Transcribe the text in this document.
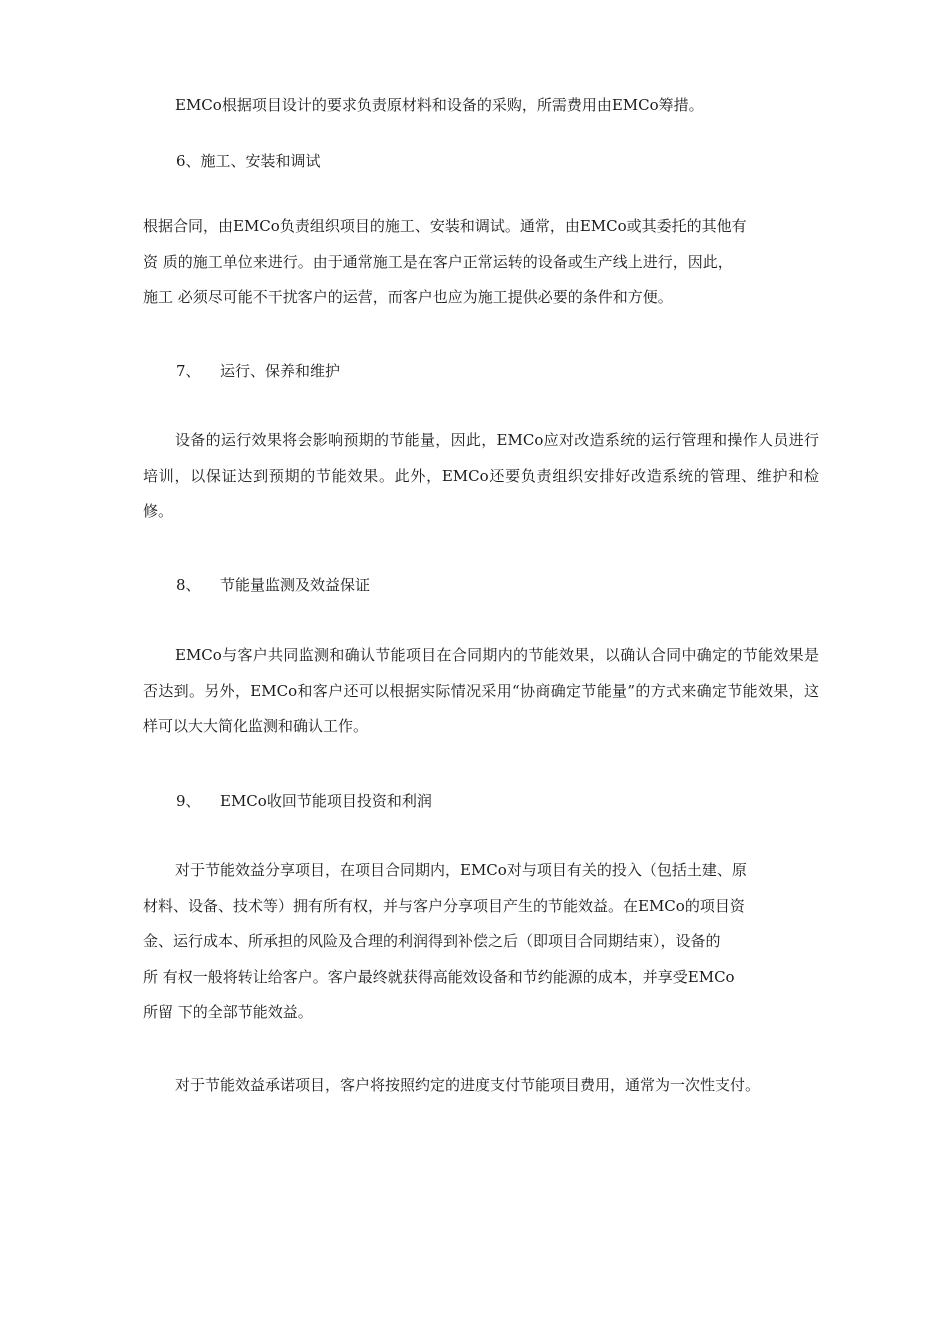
EMCo根据项目设计的要求负责原材料和设备的采购，所需费用由EMCo筹措。

6、施工、安装和调试

根据合同，由EMCo负责组织项目的施工、安装和调试。通常，由EMCo或其委托的其他有
资 质的施工单位来进行。由于通常施工是在客户正常运转的设备或生产线上进行，因此，
施工 必须尽可能不干扰客户的运营，而客户也应为施工提供必要的条件和方便。

7、 运行、保养和维护

设备的运行效果将会影响预期的节能量，因此，EMCo应对改造系统的运行管理和操作人员进行培训，以保证达到预期的节能效果。此外，EMCo还要负责组织安排好改造系统的管理、维护和检修。

8、 节能量监测及效益保证

EMCo与客户共同监测和确认节能项目在合同期内的节能效果，以确认合同中确定的节能效果是否达到。另外，EMCo和客户还可以根据实际情况采用“协商确定节能量”的方式来确定节能效果，这样可以大大简化监测和确认工作。

9、 EMCo收回节能项目投资和利润

对于节能效益分享项目，在项目合同期内，EMCo对与项目有关的投入（包括土建、原
材料、设备、技术等）拥有所有权，并与客户分享项目产生的节能效益。在EMCo的项目资
金、运行成本、所承担的风险及合理的利润得到补偿之后（即项目合同期结束），设备的
所 有权一般将转让给客户。客户最终就获得高能效设备和节约能源的成本，并享受EMCo
所留 下的全部节能效益。

对于节能效益承诺项目，客户将按照约定的进度支付节能项目费用，通常为一次性支付。
